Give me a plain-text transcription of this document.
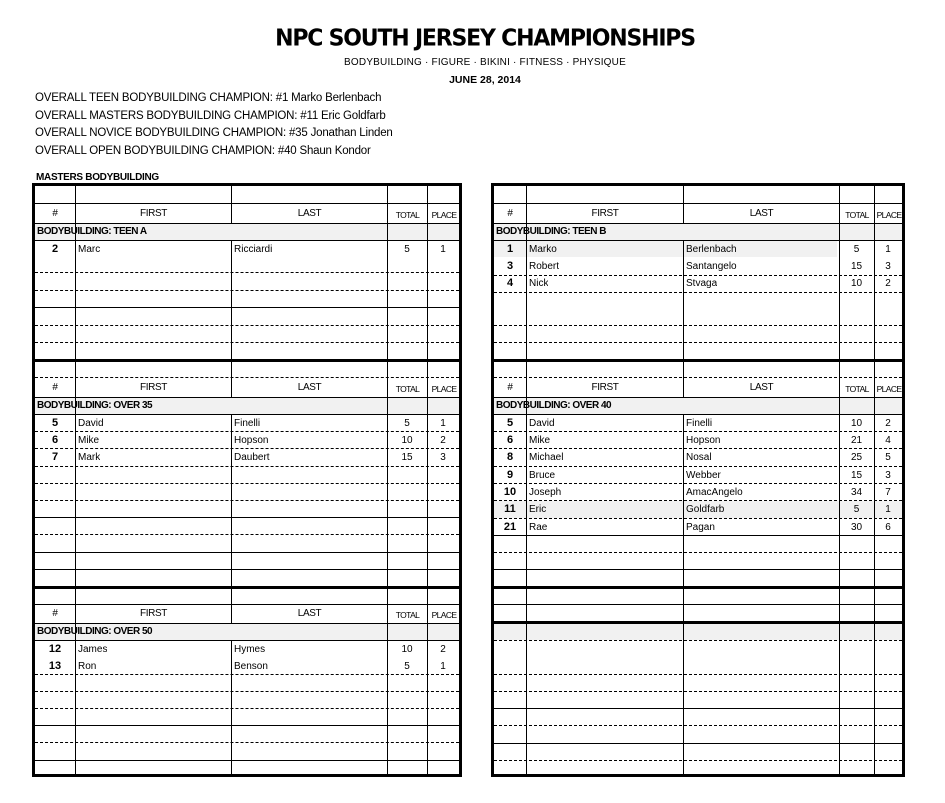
NPC SOUTH JERSEY CHAMPIONSHIPS
BODYBUILDING · FIGURE · BIKINI · FITNESS · PHYSIQUE
JUNE 28, 2014
OVERALL TEEN BODYBUILDING CHAMPION: #1 Marko Berlenbach
OVERALL MASTERS BODYBUILDING CHAMPION: #11 Eric Goldfarb
OVERALL NOVICE BODYBUILDING CHAMPION: #35 Jonathan Linden
OVERALL OPEN BODYBUILDING CHAMPION: #40 Shaun Kondor
MASTERS BODYBUILDING
#	FIRST	LAST	TOTAL	PLACE
BODYBUILDING: TEEN A
2	Marc	Ricciardi	5	1
#	FIRST	LAST	TOTAL	PLACE
BODYBUILDING: OVER 35
5	David	Finelli	5	1
6	Mike	Hopson	10	2
7	Mark	Daubert	15	3
#	FIRST	LAST	TOTAL	PLACE
BODYBUILDING: OVER 50
12	James	Hymes	10	2
13	Ron	Benson	5	1
#	FIRST	LAST	TOTAL PLACE
BODYBUILDING: TEEN B
1	Marko	Berlenbach	5	1
3	Robert	Santangelo	15	3
4	Nick	Stvaga	10	2
#	FIRST	LAST	TOTAL PLACE
BODYBUILDING: OVER 40
5	David	Finelli	10	2
6	Mike	Hopson	21	4
8	Michael	Nosal	25	5
9	Bruce	Webber	15	3
10	Joseph	AmacAngelo	34	7
11	Eric	Goldfarb	5	1
21	Rae	Pagan	30	6
